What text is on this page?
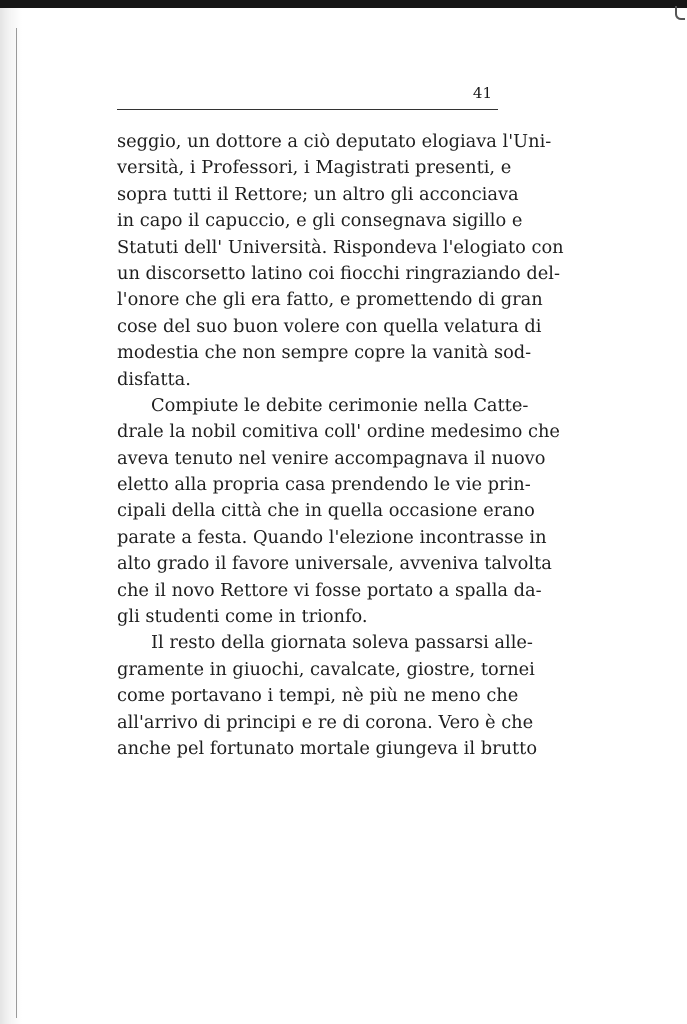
41
seggio, un dottore a ciò deputato elogiava l'Uni-
versità, i Professori, i Magistrati presenti, e
sopra tutti il Rettore; un altro gli acconciava
in capo il capuccio, e gli consegnava sigillo e
Statuti dell' Università. Rispondeva l'elogiato con
un discorsetto latino coi fiocchi ringraziando del-
l'onore che gli era fatto, e promettendo di gran
cose del suo buon volere con quella velatura di
modestia che non sempre copre la vanità sod-
disfatta.
Compiute le debite cerimonie nella Catte-
drale la nobil comitiva coll' ordine medesimo che
aveva tenuto nel venire accompagnava il nuovo
eletto alla propria casa prendendo le vie prin-
cipali della città che in quella occasione erano
parate a festa. Quando l'elezione incontrasse in
alto grado il favore universale, avveniva talvolta
che il novo Rettore vi fosse portato a spalla da-
gli studenti come in trionfo.
Il resto della giornata soleva passarsi alle-
gramente in giuochi, cavalcate, giostre, tornei
come portavano i tempi, nè più ne meno che
all'arrivo di principi e re di corona. Vero è che
anche pel fortunato mortale giungeva il brutto
